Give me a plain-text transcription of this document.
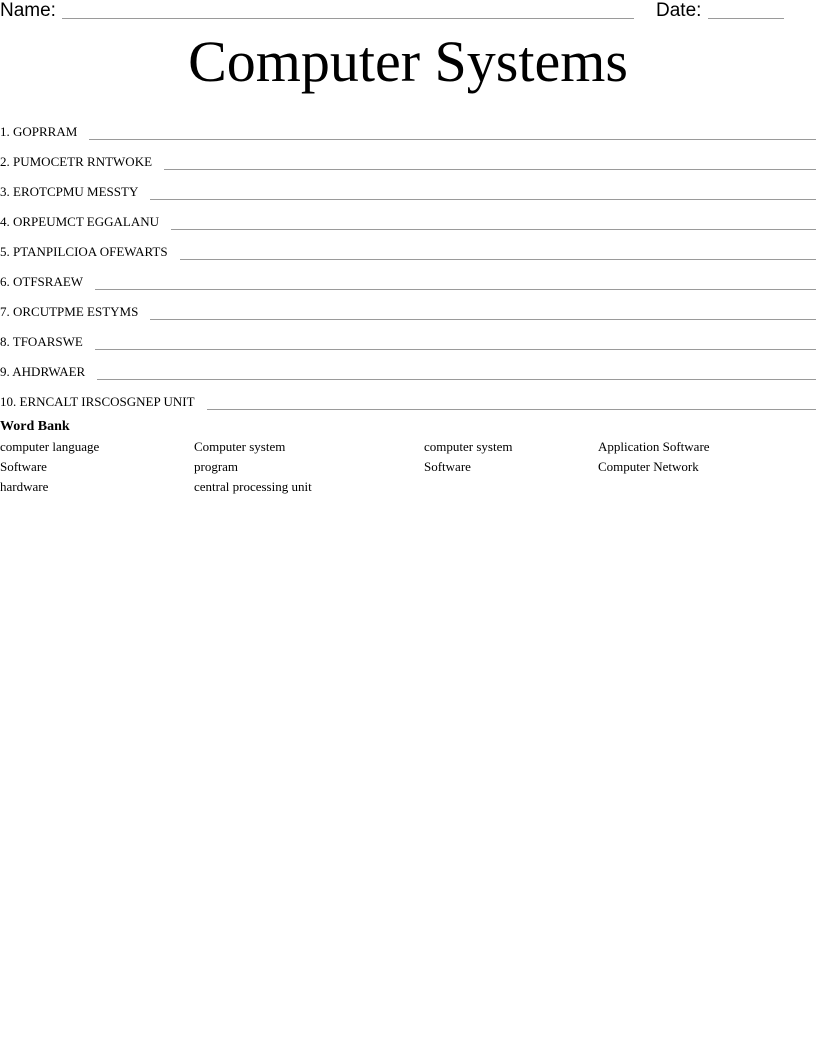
Name:	Date:
Computer Systems
1. GOPRRAM
2. PUMOCETR RNTWOKE
3. EROTCPMU MESSTY
4. ORPEUMCT EGGALANU
5. PTANPILCIOA OFEWARTS
6. OTFSRAEW
7. ORCUTPME ESTYMS
8. TFOARSWE
9. AHDRWAER
10. ERNCALT IRSCOSGNEP UNIT
Word Bank
computer language	Computer system	computer system	Application Software
Software	program	Software	Computer Network
hardware	central processing unit
